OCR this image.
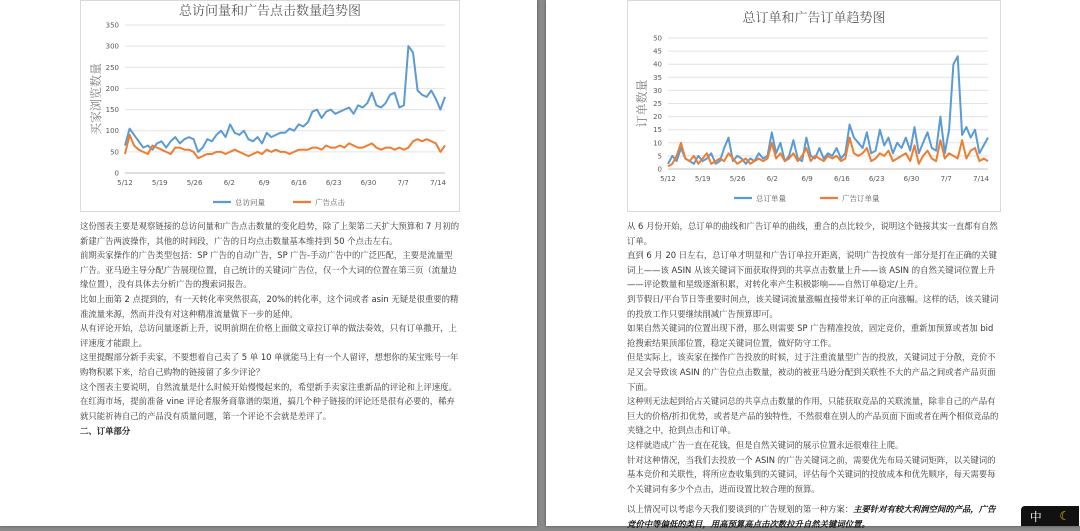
总访问量和广告点击数量趋势图
0
50
100
150
200
250
300
350
5/12	5/19	5/26	6/2	6/9	6/16	6/23	6/30	7/7	7/14
买家浏览数量
总访问量	广告点击

这份图表主要是观察链接的总访问量和广告点击数量的变化趋势，除了上架第二天扩大预算和 7 月初的新建广告两波操作，其他的时间段，广告的日均点击数量基本维持到 50 个点击左右。

前期卖家操作的广告类型包括：SP 广告的自动广告，SP 广告-手动广告中的广泛匹配，主要是流量型广告。亚马逊主导分配广告展现位置，自己统计的关键词广告位，仅一个大词的位置在第三页（流量边缘位置），没有具体去分析广告的搜索词报告。

比如上面第 2 点提到的，有一天转化率突然很高，20%的转化率，这个词或者 asin 无疑是很重要的精准流量来源，然而并没有对这种精准流量做下一步的延伸。

从有评论开始，总访问量逐新上升，说明前期在价格上面做文章拉订单的做法奏效，只有订单撒开，上评速度才能跟上。

这里提醒部分新手卖家，不要想着自己卖了 5 单 10 单就能马上有一个人留评，想想你的某宝账号一年购物积累下来，给自己购物的链接留了多少评论？

这个图表主要说明，自然流量是什么时候开始慢慢起来的，希望新手卖家注重新品的评论和上评速度。

在红海市场，提前准备 vine 评论者服务商靠谱的渠道，搞几个种子链接的评论还是很有必要的，稀弃就只能祈祷自己的产品没有质量问题，第一个评论不会就是差评了。

二、订单部分

总订单和广告订单趋势图
0
5
10
15
20
25
30
35
40
45
50
5/12	5/19	5/26	6/2	6/9	6/16	6/23	6/30	7/7	7/14
订单数量
总订单量	广告订单量

从 6 月份开始，总订单的曲线和广告订单的曲线，重合的点比较少，说明这个链接其实一直都有自然订单。

直到 6 月 20 日左右，总订单才明显和广告订单拉开距离，说明广告投放有一部分是打在正确的关键词上——该 ASIN 从该关键词下面获取得到的共享点击数量上升——该 ASIN 的自然关键词位置上升——评论数量和星级逐渐积累，对转化率产生积极影响——自然订单稳定/上升。

到节假日/平台节日等重要时间点，该关键词流量涨幅直接带来订单的正向涨幅。这样的话，该关键词的投放工作只要继续削减广告预算即可。

如果自然关键词的位置出现下滑，那么则需要 SP 广告精准投放，固定竞价，重新加预算或者加 bid 抢搜索结果顶部位置，稳定关键词位置，做好防守工作。

但是实际上，该卖家在操作广告投放的时候，过于注重流量型广告的投放，关键词过于分散，竞价不足又会导致该 ASIN 的广告位点击数量，被动的被亚马逊分配到关联性不大的产品之间或者产品页面下面。

这种则无法起到给占关键词总的共享点击数量的作用，只能获取竞品的关联流量，除非自己的产品有巨大的价格/折扣优势，或者是产品的独特性，不然很难在别人的产品页面下面或者在两个相似竞品的夹缝之中，抢到点击和订单。

这样就造成广告一直在花钱，但是自然关键词的展示位置永远很难往上爬。

针对这种情况，当我们去投放一个 ASIN 的广告关键词之前，需要优先布局关键词矩阵，以关键词的基本竞价和关联性，将所应查收集到的关键词，评估每个关键词的投放成本和优先顺序，每天需要每个关键词有多少个点击，进而设置比较合理的预算。

以上情况可以考虑今天我们要谈到的广告规划的第一种方案：主要针对有较大利润空间的产品，广告竞价中等偏低的类目，用高预算高点击次数拉升自然关键词位置。

中 ☾
